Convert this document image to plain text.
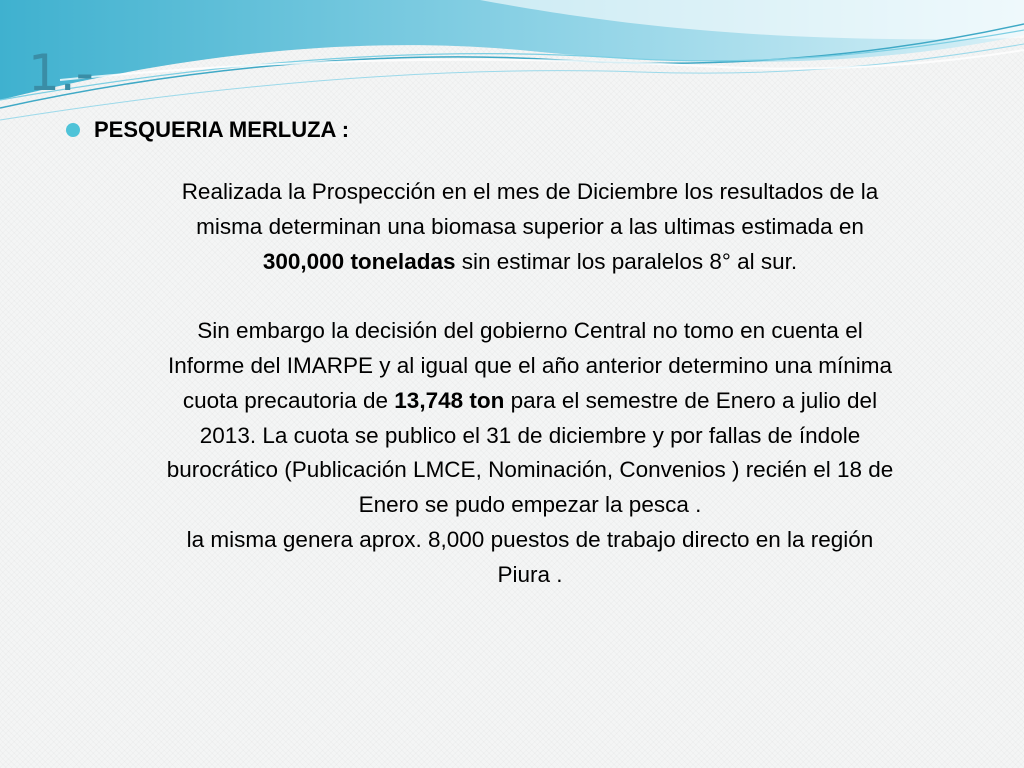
1.-
PESQUERIA MERLUZA :

Realizada la Prospección en el mes de Diciembre los resultados de la misma determinan una biomasa superior a las ultimas estimada en 300,000 toneladas sin estimar los paralelos 8° al sur.

Sin embargo la decisión del gobierno Central no tomo en cuenta el Informe del IMARPE y al igual que el año anterior determino una mínima cuota precautoria de 13,748 ton para el semestre de Enero a julio del 2013. La cuota se publico el 31 de diciembre y por fallas de índole burocrático (Publicación LMCE, Nominación, Convenios ) recién el 18 de Enero se pudo empezar la pesca .

la misma genera aprox. 8,000 puestos de trabajo directo en la región Piura .
